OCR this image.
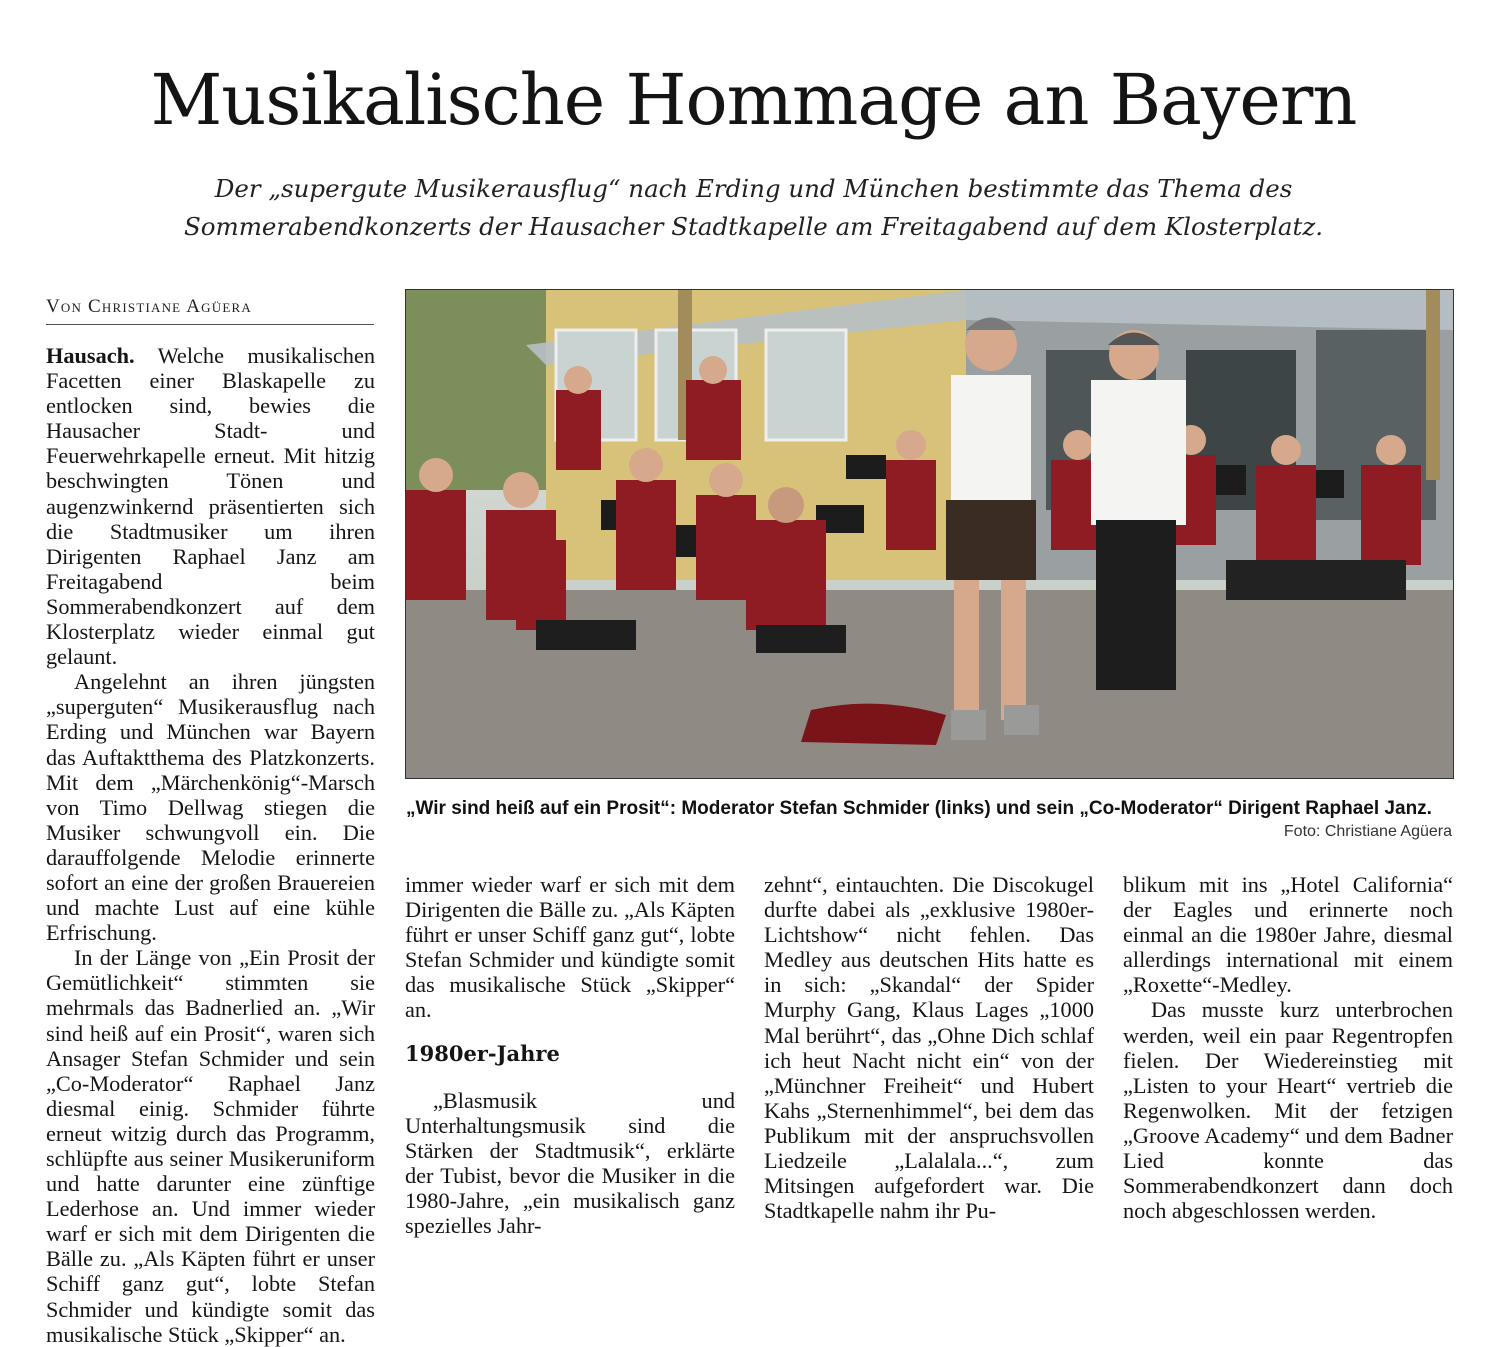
Musikalische Hommage an Bayern
Der „supergute Musikerausflug“ nach Erding und München bestimmte das Thema des
Sommerabendkonzerts der Hausacher Stadtkapelle am Freitagabend auf dem Klosterplatz.
Von Christiane Agüera
„Wir sind heiß auf ein Prosit“: Moderator Stefan Schmider (links) und sein „Co-Moderator“ Dirigent Raphael Janz.
Foto: Christiane Agüera

Hausach. Welche musikalischen Facetten einer Blaskapelle zu entlocken sind, bewies die Hausacher Stadt- und Feuerwehrkapelle erneut. Mit hitzig beschwingten Tönen und augenzwinkernd präsentierten sich die Stadtmusiker um ihren Dirigenten Raphael Janz am Freitagabend beim Sommerabendkonzert auf dem Klosterplatz wieder einmal gut gelaunt.

Angelehnt an ihren jüngsten „superguten“ Musikerausflug nach Erding und München war Bayern das Auftaktthema des Platzkonzerts. Mit dem „Märchenkönig“-Marsch von Timo Dellwag stiegen die Musiker schwungvoll ein. Die darauffolgende Melodie erinnerte sofort an eine der großen Brauereien und machte Lust auf eine kühle Erfrischung.

In der Länge von „Ein Prosit der Gemütlichkeit“ stimmten sie mehrmals das Badnerlied an. „Wir sind heiß auf ein Prosit“, waren sich Ansager Stefan Schmider und sein „Co-Moderator“ Raphael Janz diesmal einig. Schmider führte erneut witzig durch das Programm, schlüpfte aus seiner Musikeruniform und hatte darunter eine zünftige Lederhose an. Und immer wieder warf er sich mit dem Dirigenten die Bälle zu. „Als Käpten führt er unser Schiff ganz gut“, lobte Stefan Schmider und kündigte somit das musikalische Stück „Skipper“ an.

immer wieder warf er sich mit dem Dirigenten die Bälle zu. „Als Käpten führt er unser Schiff ganz gut“, lobte Stefan Schmider und kündigte somit das musikalische Stück „Skipper“ an.

1980er-Jahre

„Blasmusik und Unterhaltungsmusik sind die Stärken der Stadtmusik“, erklärte der Tubist, bevor die Musiker in die 1980-Jahre, „ein musikalisch ganz spezielles Jahr-

zehnt“, eintauchten. Die Discokugel durfte dabei als „exklusive 1980er-Lichtshow“ nicht fehlen. Das Medley aus deutschen Hits hatte es in sich: „Skandal“ der Spider Murphy Gang, Klaus Lages „1000 Mal berührt“, das „Ohne Dich schlaf ich heut Nacht nicht ein“ von der „Münchner Freiheit“ und Hubert Kahs „Sternenhimmel“, bei dem das Publikum mit der anspruchsvollen Liedzeile „Lalalala...“, zum Mitsingen aufgefordert war. Die Stadtkapelle nahm ihr Pu-

blikum mit ins „Hotel California“ der Eagles und erinnerte noch einmal an die 1980er Jahre, diesmal allerdings international mit einem „Roxette“-Medley.

Das musste kurz unterbrochen werden, weil ein paar Regentropfen fielen. Der Wiedereinstieg mit „Listen to your Heart“ vertrieb die Regenwolken. Mit der fetzigen „Groove Academy“ und dem Badner Lied konnte das Sommerabendkonzert dann doch noch abgeschlossen werden.
